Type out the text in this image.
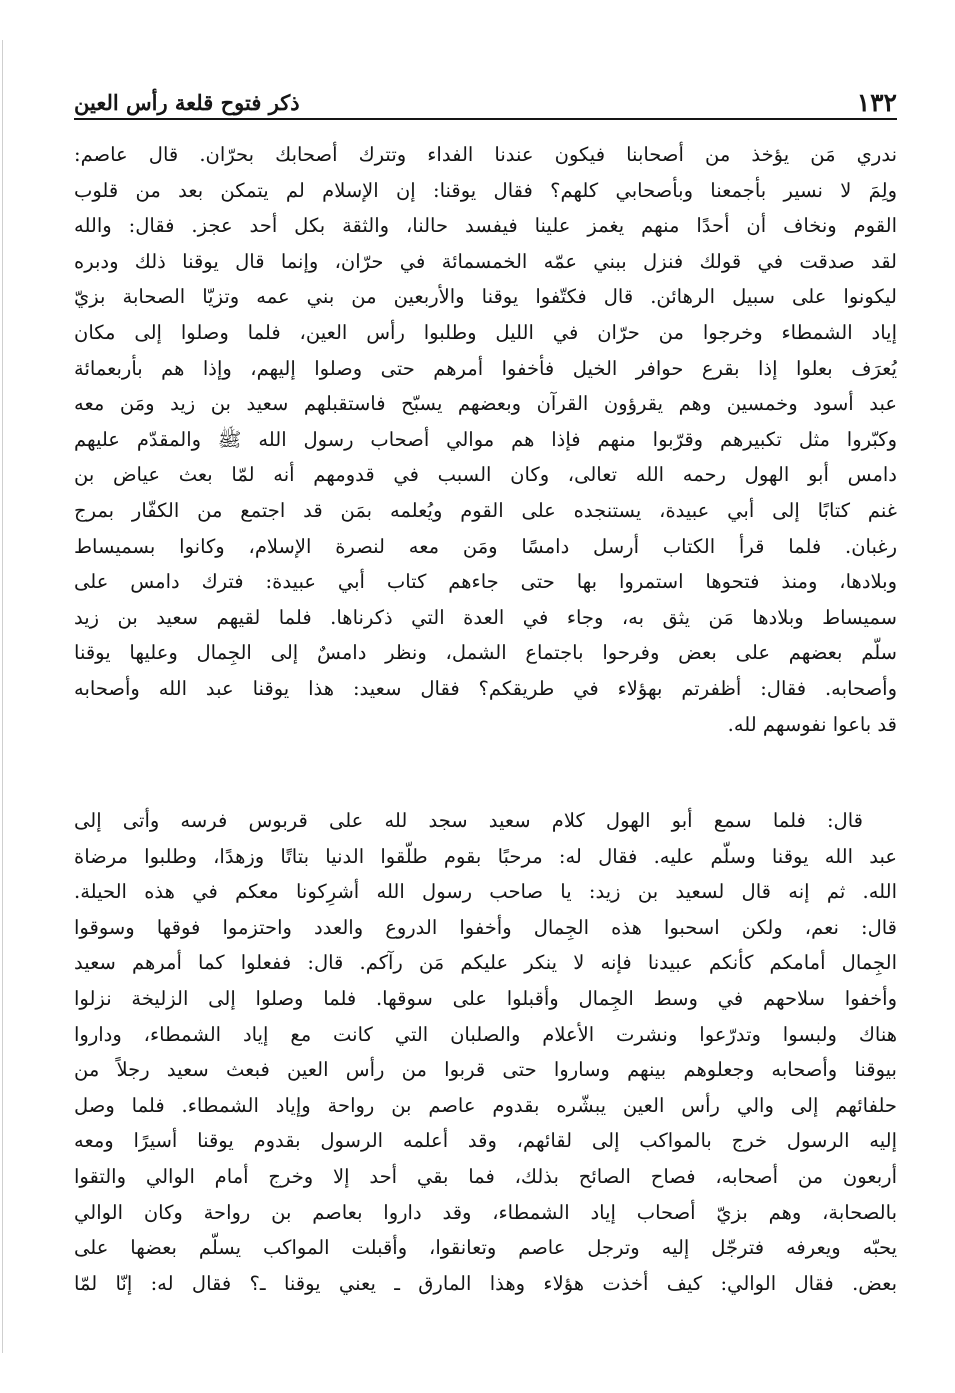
١٣٢
ذكر فتوح قلعة رأس العين
ندري مَن يؤخذ من أصحابنا فيكون عندنا الفداء وتترك أصحابك بحرّان. قال عاصم:
ولِمَ لا نسير بأجمعنا وبأصحابي كلهم؟ فقال يوقنا: إن الإسلام لم يتمكن بعد من قلوب
القوم ونخاف أن أحدًا منهم يغمز علينا فيفسد حالنا، والثقة بكل أحد عجز. فقال: والله
لقد صدقت في قولك فنزل ببني عمّه الخمسمائة في حرّان، وإنما قال يوقنا ذلك ودبره
ليكونوا على سبيل الرهائن. قال فكتّفوا يوقنا والأربعين من بني عمه وتزيّا الصحابة بزيّ
إياد الشمطاء وخرجوا من حرّان في الليل وطلبوا رأس العين، فلما وصلوا إلى مكان
يُعرَف بعلوا إذا بقرع حوافر الخيل فأخفوا أمرهم حتى وصلوا إليهم، وإذا هم بأربعمائة
عبد أسود وخمسين وهم يقرؤون القرآن وبعضهم يسبّح فاستقبلهم سعيد بن زيد ومَن معه
وكبّروا مثل تكبيرهم وقرّبوا منهم فإذا هم موالي أصحاب رسول الله ﷺ والمقدّم عليهم
دامس أبو الهول رحمه الله تعالى، وكان السبب في قدومهم أنه لمّا بعث عياض بن
غنم كتابًا إلى أبي عبيدة، يستنجده على القوم ويُعلمه بمَن قد اجتمع من الكفّار بمرج
رغبان. فلما قرأ الكتاب أرسل دامسًا ومَن معه لنصرة الإسلام، وكانوا بسميساط
وبلادها، ومنذ فتحوها استمروا بها حتى جاءهم كتاب أبي عبيدة: فترك دامس على
سميساط وبلادها مَن يثق به، وجاء في العدة التي ذكرناها. فلما لقيهم سعيد بن زيد
سلّم بعضهم على بعض وفرحوا باجتماع الشمل، ونظر دامسٌ إلى الجِمال وعليها يوقنا
وأصحابه. فقال: أظفرتم بهؤلاء في طريقكم؟ فقال سعيد: هذا يوقنا عبد الله وأصحابه
قد باعوا نفوسهم لله.
قال: فلما سمع أبو الهول كلام سعيد سجد لله على قربوس فرسه وأتى إلى
عبد الله يوقنا وسلّم عليه. فقال له: مرحبًا بقوم طلّقوا الدنيا بتاتًا وزهدًا، وطلبوا مرضاة
الله. ثم إنه قال لسعيد بن زيد: يا صاحب رسول الله أشرِكونا معكم في هذه الحيلة.
قال: نعم، ولكن اسحبوا هذه الجِمال وأخفوا الدروع والعدد واحتزموا فوقها وسوقوا
الجِمال أمامكم كأنكم عبيدنا فإنه لا ينكر عليكم مَن رآكم. قال: ففعلوا كما أمرهم سعيد
وأخفوا سلاحهم في وسط الجِمال وأقبلوا على سوقها. فلما وصلوا إلى الزليخة نزلوا
هناك ولبسوا وتدرّعوا ونشرت الأعلام والصلبان التي كانت مع إياد الشمطاء، وداروا
بيوقنا وأصحابه وجعلوهم بينهم وساروا حتى قربوا من رأس العين فبعث سعيد رجلاً من
حلفائهم إلى والي رأس العين يبشّره بقدوم عاصم بن رواحة وإياد الشمطاء. فلما وصل
إليه الرسول خرج بالمواكب إلى لقائهم، وقد أعلمه الرسول بقدوم يوقنا أسيرًا ومعه
أربعون من أصحابه، فصاح الصائح بذلك، فما بقي أحد إلا وخرج أمام الوالي والتقوا
بالصحابة، وهم بزيّ أصحاب إياد الشمطاء، وقد داروا بعاصم بن رواحة وكان الوالي
يحبّه ويعرفه فترجّل إليه وترجل عاصم وتعانقوا، وأقبلت المواكب يسلّم بعضها على
بعض. فقال الوالي: كيف أخذت هؤلاء وهذا المارق ـ يعني يوقنا ـ؟ فقال له: إنّا لمّا
